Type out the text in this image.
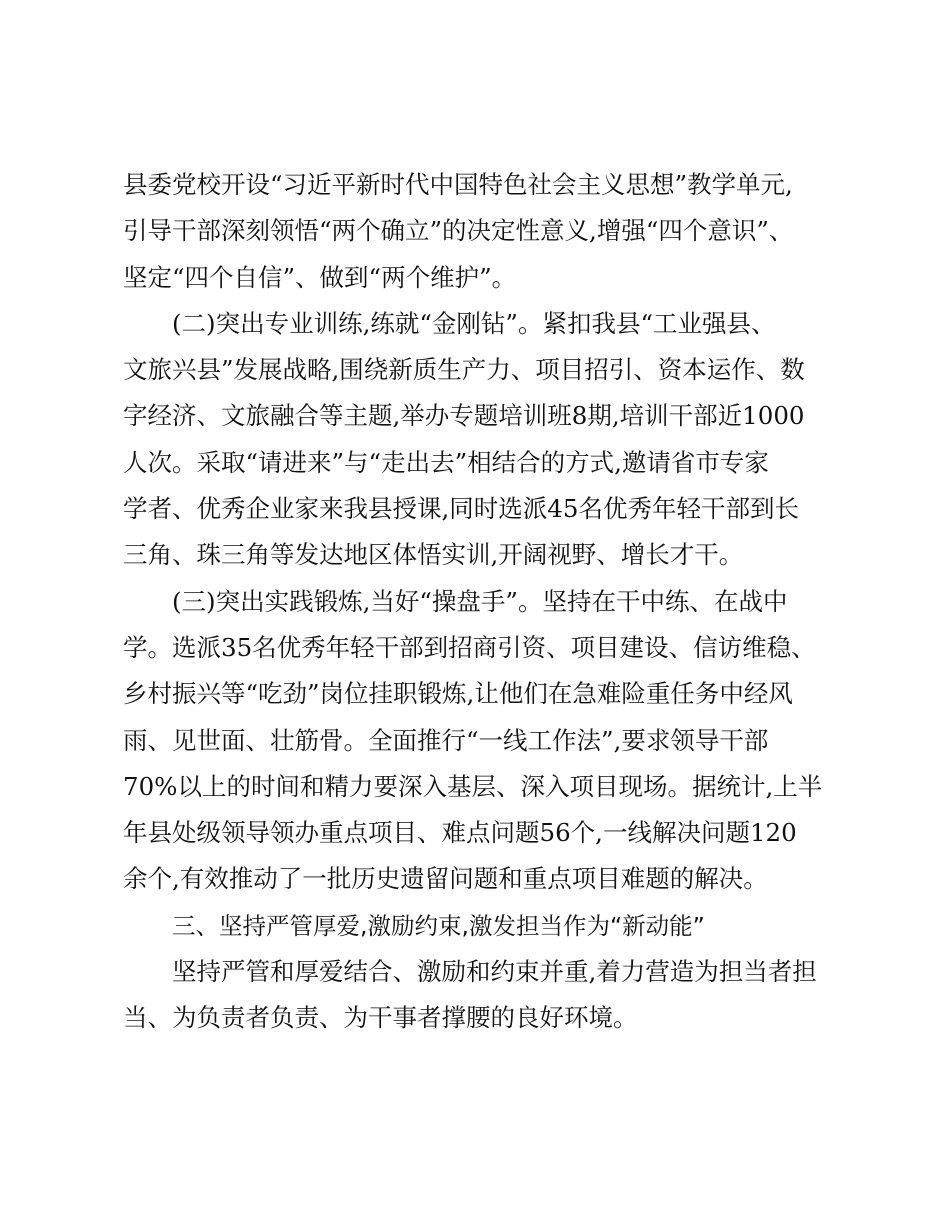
县委党校开设“习近平新时代中国特色社会主义思想”教学单元,
引导干部深刻领悟“两个确立”的决定性意义,增强“四个意识”、
坚定“四个自信”、做到“两个维护”。
(二)突出专业训练,练就“金刚钻”。紧扣我县“工业强县、
文旅兴县”发展战略,围绕新质生产力、项目招引、资本运作、数
字经济、文旅融合等主题,举办专题培训班8期,培训干部近1000
人次。采取“请进来”与“走出去”相结合的方式,邀请省市专家
学者、优秀企业家来我县授课,同时选派45名优秀年轻干部到长
三角、珠三角等发达地区体悟实训,开阔视野、增长才干。
(三)突出实践锻炼,当好“操盘手”。坚持在干中练、在战中
学。选派35名优秀年轻干部到招商引资、项目建设、信访维稳、
乡村振兴等“吃劲”岗位挂职锻炼,让他们在急难险重任务中经风
雨、见世面、壮筋骨。全面推行“一线工作法”,要求领导干部
70%以上的时间和精力要深入基层、深入项目现场。据统计,上半
年县处级领导领办重点项目、难点问题56个,一线解决问题120
余个,有效推动了一批历史遗留问题和重点项目难题的解决。
三、坚持严管厚爱,激励约束,激发担当作为“新动能”
坚持严管和厚爱结合、激励和约束并重,着力营造为担当者担
当、为负责者负责、为干事者撑腰的良好环境。
